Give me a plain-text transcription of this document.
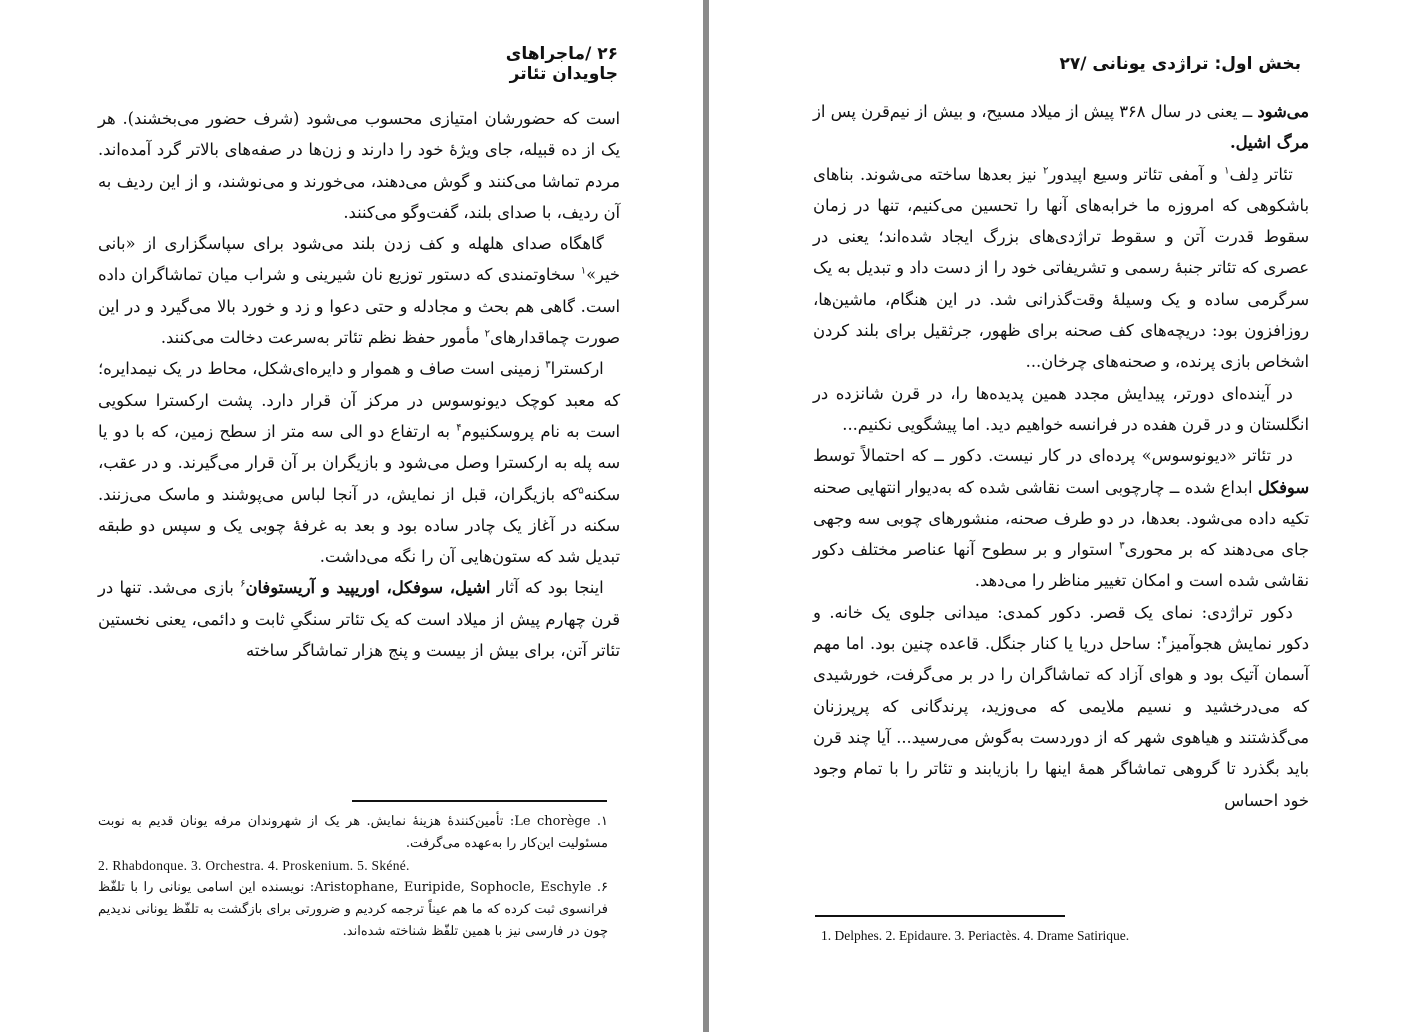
۲۶ /ماجراهای جاویدان تئاتر

است که حضورشان امتیازی محسوب می‌شود (شرف حضور می‌بخشند). هر یک از ده قبیله، جای ویژهٔ خود را دارند و زن‌ها در صفه‌های بالاتر گرد آمده‌اند. مردم تماشا می‌کنند و گوش می‌دهند، می‌خورند و می‌نوشند، و از این ردیف به آن ردیف، با صدای بلند، گفت‌وگو می‌کنند.

 گاهگاه صدای هلهله و کف زدن بلند می‌شود برای سپاسگزاری از «بانی خیر»$^۱$ سخاوتمندی که دستور توزیع نان شیرینی و شراب میان تماشاگران داده است. گاهی هم بحث و مجادله و حتی دعوا و زد و خورد بالا می‌گیرد و در این صورت چماقدارهای$^۲$ مأمور حفظ نظم تئاتر به‌سرعت دخالت می‌کنند.

 ارکسترا$^۳$ زمینی است صاف و هموار و دایره‌ای‌شکل، محاط در یک نیمدایره؛ که معبد کوچک دیونوسوس در مرکز آن قرار دارد. پشت ارکسترا سکویی است به نام پروسکنیوم$^۴$ به ارتفاع دو الی سه متر از سطح زمین، که با دو یا سه پله به ارکسترا وصل می‌شود و بازیگران بر آن قرار می‌گیرند. و در عقب، سکنه$^۵$که بازیگران، قبل از نمایش، در آنجا لباس می‌پوشند و ماسک می‌زنند. سکنه در آغاز یک چادر ساده بود و بعد به غرفهٔ چوبی یک و سپس دو طبقه تبدیل شد که ستون‌هایی آن را نگه می‌داشت.

 اینجا بود که آثار اشیل، سوفکل، اوریپید و آریستوفان$^۶$ بازی می‌شد. تنها در قرن چهارم پیش از میلاد است که یک تئاتر سنگیِ ثابت و دائمی، یعنی نخستین تئاتر آتن، برای بیش از بیست و پنج هزار تماشاگر ساخته

۱. Le chorège: تأمین‌کنندهٔ هزینهٔ نمایش. هر یک از شهروندان مرفه یونان قدیم به نوبت مسئولیت این‌کار را به‌عهده می‌گرفت.

2. Rhabdonque. 3. Orchestra. 4. Proskenium. 5. Skéné.

۶. Aristophane, Euripide, Sophocle, Eschyle: نویسنده این اسامی یونانی را با تلفّظ فرانسوی ثبت کرده که ما هم عیناً ترجمه کردیم و ضرورتی برای بازگشت به تلفّظ یونانی ندیدیم چون در فارسی نیز با همین تلفّظ شناخته شده‌اند.

بخش اول: تراژدی یونانی /۲۷

می‌شود ــ یعنی در سال ۳۶۸ پیش از میلاد مسیح، و بیش از نیم‌قرن پس از مرگ اشیل.

 تئاتر دِلف$^۱$ و آمفی تئاتر وسیع اپیدور$^۲$ نیز بعدها ساخته می‌شوند. بناهای باشکوهی که امروزه ما خرابه‌های آنها را تحسین می‌کنیم، تنها در زمان سقوط قدرت آتن و سقوط تراژدی‌های بزرگ ایجاد شده‌اند؛ یعنی در عصری که تئاتر جنبهٔ رسمی و تشریفاتی خود را از دست داد و تبدیل به یک سرگرمی ساده و یک وسیلهٔ وقت‌گذرانی شد. در این هنگام، ماشین‌ها، روزافزون بود: دریچه‌های کف صحنه برای ظهور، جرثقیل برای بلند کردن اشخاص بازی پرنده، و صحنه‌های چرخان...

 در آینده‌ای دورتر، پیدایش مجدد همین پدیده‌ها را، در قرن شانزده در انگلستان و در قرن هفده در فرانسه خواهیم دید. اما پیشگویی نکنیم...

 در تئاتر «دیونوسوس» پرده‌ای در کار نیست. دکور ــ که احتمالاً توسط سوفکل ابداع شده ــ چارچوبی است نقاشی شده که به‌دیوار انتهایی صحنه تکیه داده می‌شود. بعدها، در دو طرف صحنه، منشورهای چوبی سه وجهی جای می‌دهند که بر محوری$^۳$ استوار و بر سطوح آنها عناصر مختلف دکور نقاشی شده است و امکان تغییر مناظر را می‌دهد.

 دکور تراژدی: نمای یک قصر. دکور کمدی: میدانی جلوی یک خانه. و دکور نمایش هجوآمیز$^۴$: ساحل دریا یا کنار جنگل. قاعده چنین بود. اما مهم آسمان آتیک بود و هوای آزاد که تماشاگران را در بر می‌گرفت، خورشیدی که می‌درخشید و نسیم ملایمی که می‌وزید، پرندگانی که پرپرزنان می‌گذشتند و هیاهوی شهر که از دوردست به‌گوش می‌رسید... آیا چند قرن باید بگذرد تا گروهی تماشاگر همهٔ اینها را بازیابند و تئاتر را با تمام وجود خود احساس

1. Delphes. 2. Epidaure. 3. Periactès. 4. Drame Satirique.
